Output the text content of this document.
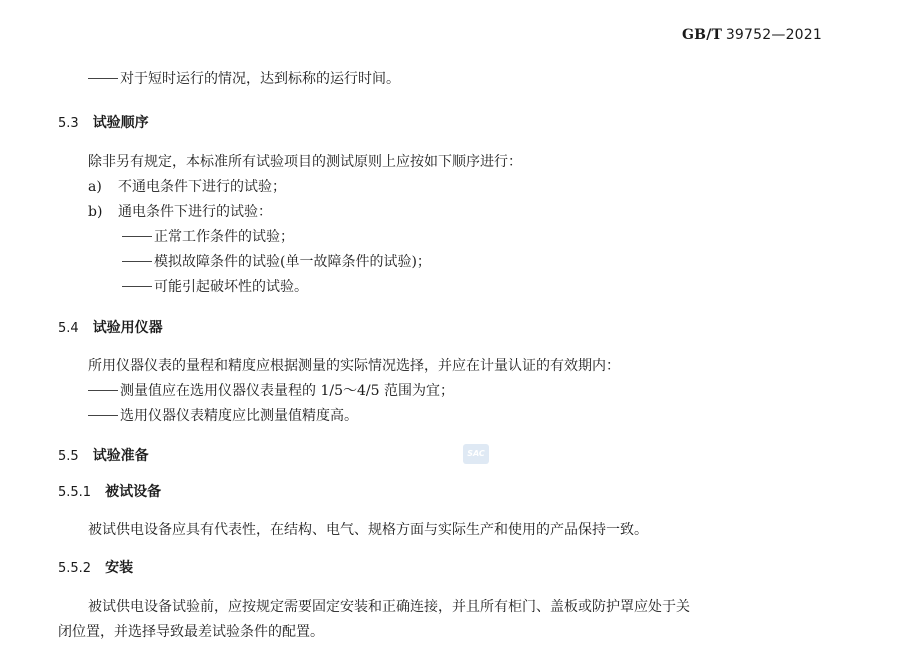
GB/T 39752—2021
对于短时运行的情况，达到标称的运行时间。
5.3 试验顺序
除非另有规定，本标准所有试验项目的测试原则上应按如下顺序进行：
a) 不通电条件下进行的试验；
b) 通电条件下进行的试验：
正常工作条件的试验；
模拟故障条件的试验(单一故障条件的试验)；
可能引起破坏性的试验。
5.4 试验用仪器
所用仪器仪表的量程和精度应根据测量的实际情况选择，并应在计量认证的有效期内：
测量值应在选用仪器仪表量程的 1/5～4/5 范围为宜；
选用仪器仪表精度应比测量值精度高。
5.5 试验准备	SAC
5.5.1 被试设备
被试供电设备应具有代表性，在结构、电气、规格方面与实际生产和使用的产品保持一致。
5.5.2 安装
被试供电设备试验前，应按规定需要固定安装和正确连接，并且所有柜门、盖板或防护罩应处于关
闭位置，并选择导致最差试验条件的配置。
